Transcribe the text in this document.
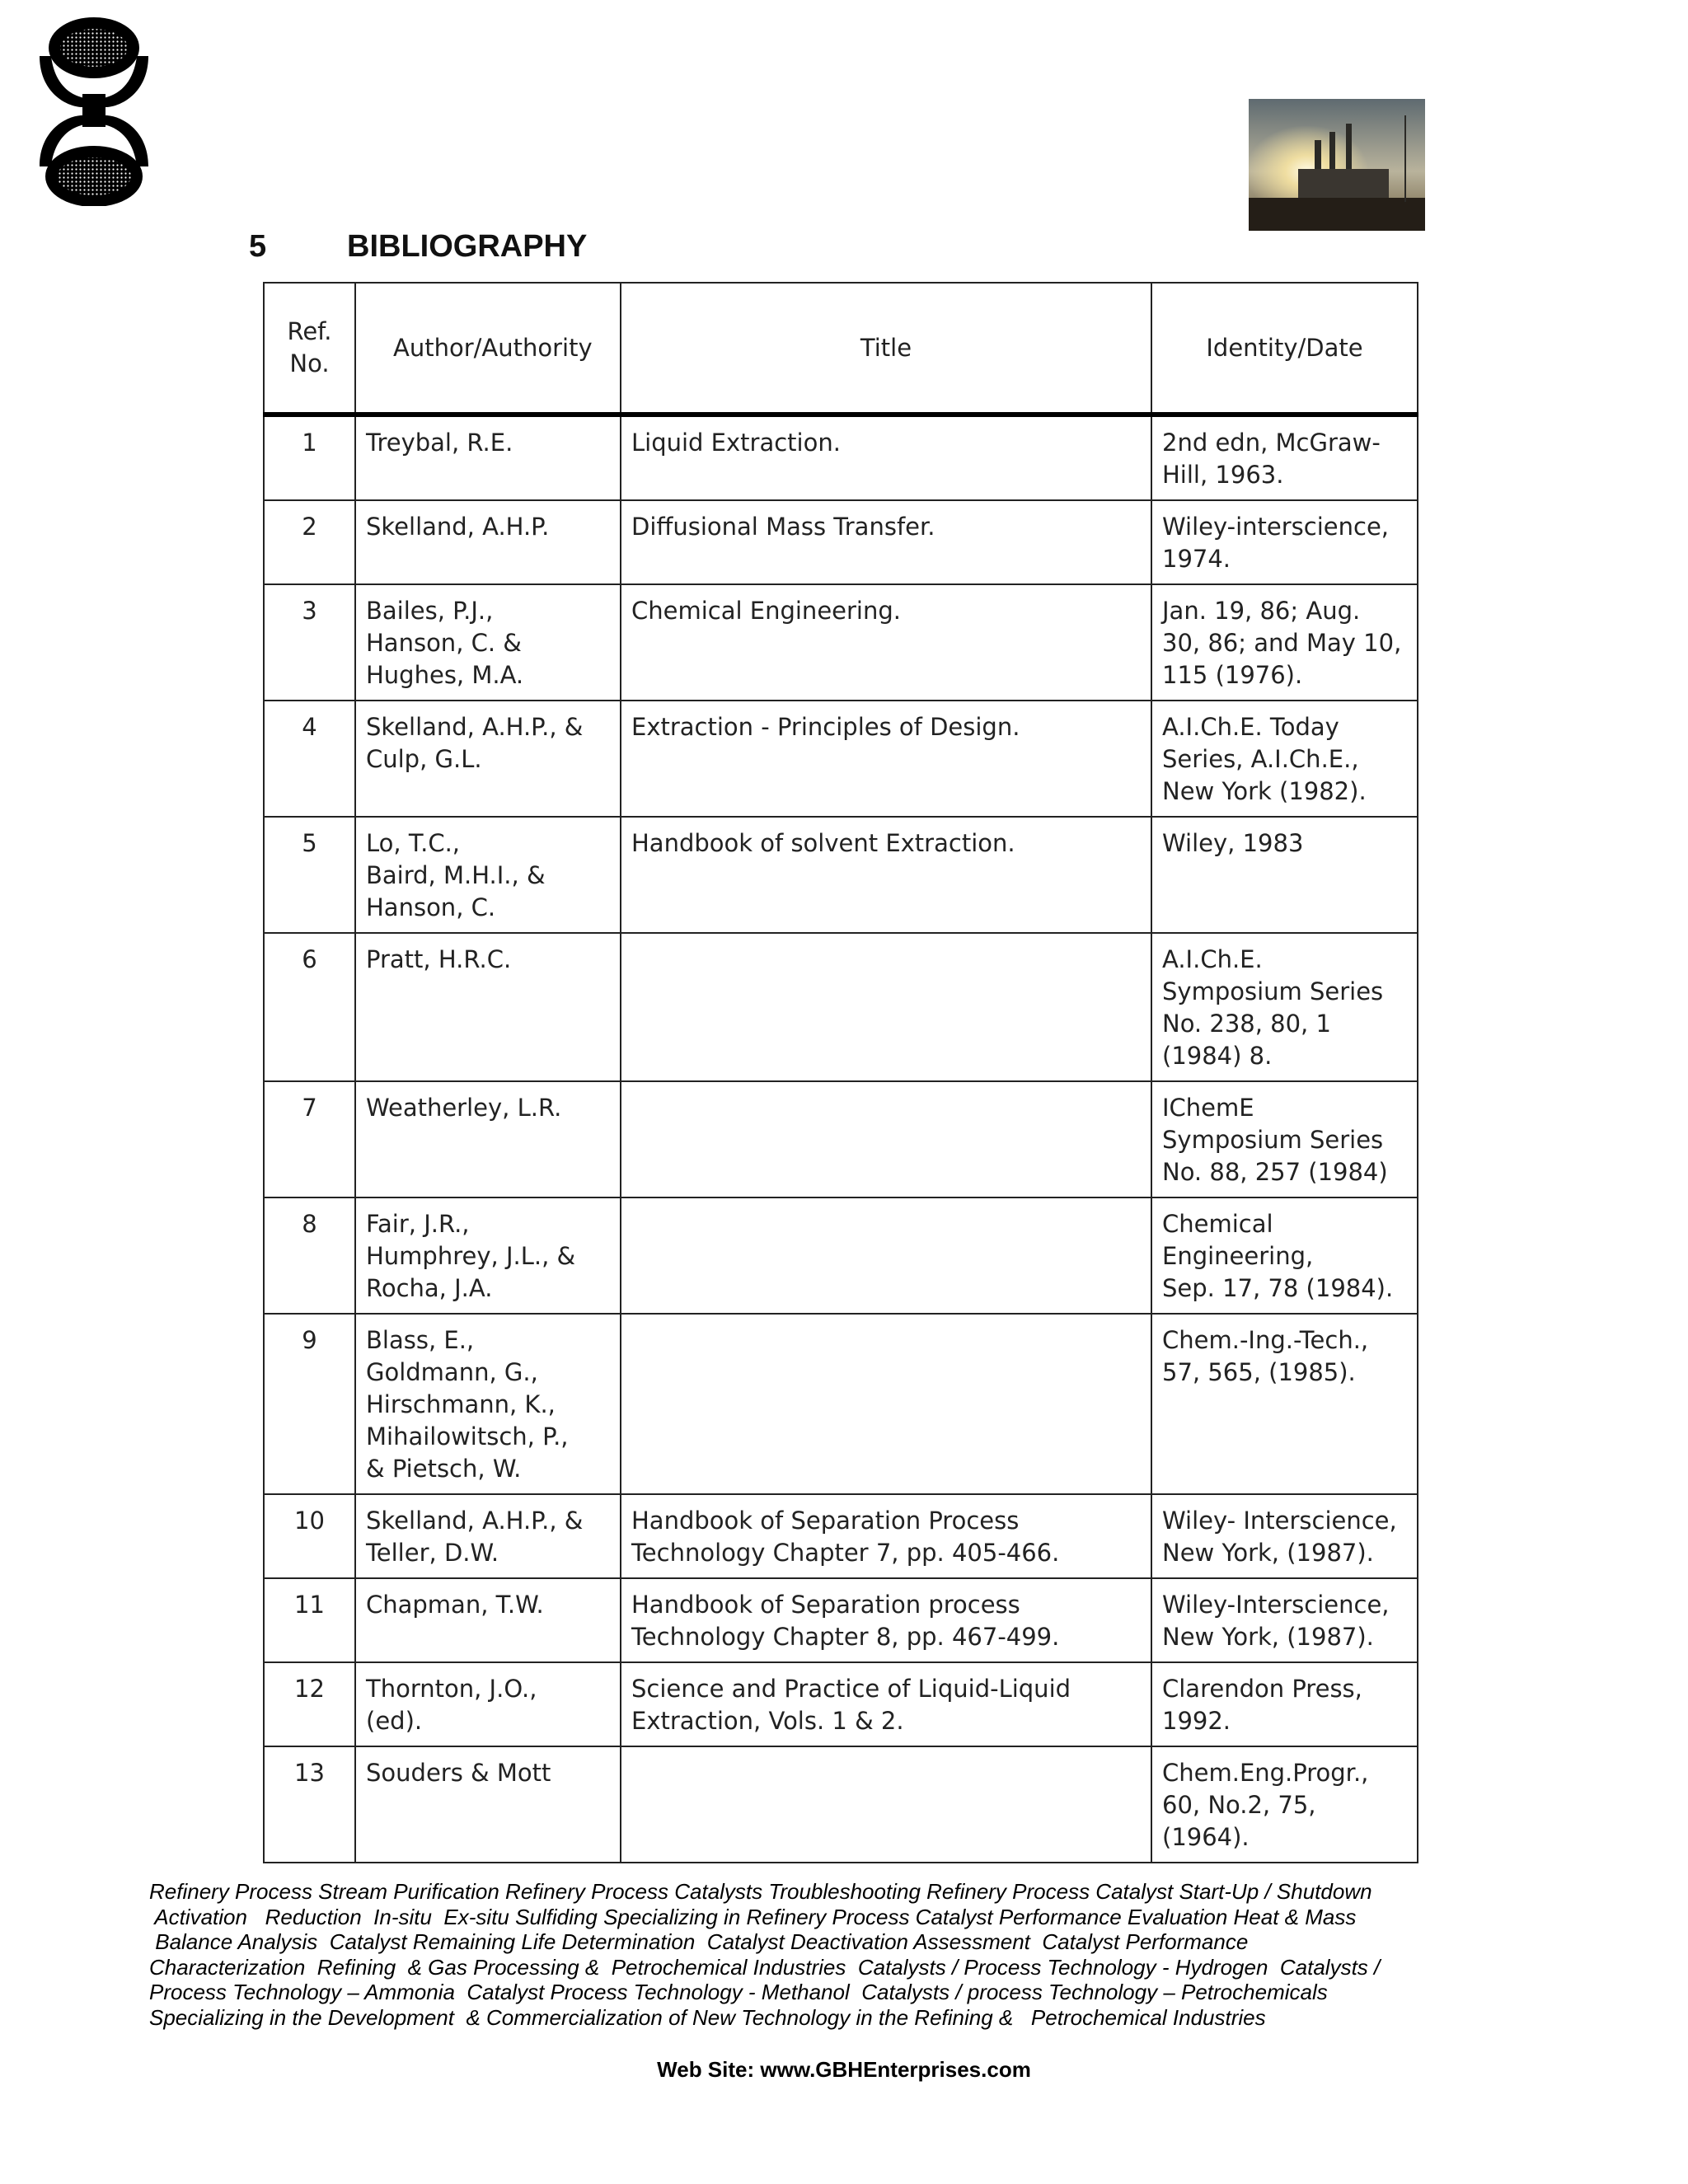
5	BIBLIOGRAPHY
Ref. No.	Author/Authority	Title	Identity/Date
1	Treybal, R.E.	Liquid Extraction.	2nd edn, McGraw-
Hill, 1963.

2	Skelland, A.H.P.	Diffusional Mass Transfer.	Wiley-interscience,
1974.

3	Bailes, P.J.,
Hanson, C. &
Hughes, M.A.	Chemical Engineering.	Jan. 19, 86; Aug.
30, 86; and May 10,
115 (1976).

4	Skelland, A.H.P., &
Culp, G.L.	Extraction - Principles of Design.	A.I.Ch.E. Today
Series, A.I.Ch.E.,
New York (1982).

5	Lo, T.C.,
Baird, M.H.I., &
Hanson, C.	Handbook of solvent Extraction.	Wiley, 1983

6	Pratt, H.R.C.		A.I.Ch.E.
Symposium Series
No. 238, 80, 1
(1984) 8.

7	Weatherley, L.R.		IChemE
Symposium Series
No. 88, 257 (1984)

8	Fair, J.R.,
Humphrey, J.L., &
Rocha, J.A.		Chemical
Engineering,
Sep. 17, 78 (1984).

9	Blass, E.,
Goldmann, G.,
Hirschmann, K.,
Mihailowitsch, P.,
& Pietsch, W.		Chem.-Ing.-Tech.,
57, 565, (1985).

10	Skelland, A.H.P., &
Teller, D.W.	Handbook of Separation Process
Technology Chapter 7, pp. 405-466.	Wiley- Interscience,
New York, (1987).

11	Chapman, T.W.	Handbook of Separation process
Technology Chapter 8, pp. 467-499.	Wiley-Interscience,
New York, (1987).

12	Thornton, J.O.,
(ed).	Science and Practice of Liquid-Liquid
Extraction, Vols. 1 & 2.	Clarendon Press,
1992.

13	Souders & Mott		Chem.Eng.Progr.,
60, No.2, 75,
(1964).
Refinery Process Stream Purification Refinery Process Catalysts Troubleshooting Refinery Process Catalyst Start-Up / Shutdown
Activation   Reduction  In-situ  Ex-situ Sulfiding Specializing in Refinery Process Catalyst Performance Evaluation Heat & Mass
Balance Analysis  Catalyst Remaining Life Determination  Catalyst Deactivation Assessment  Catalyst Performance
Characterization  Refining  & Gas Processing &  Petrochemical Industries  Catalysts / Process Technology - Hydrogen  Catalysts /
Process Technology – Ammonia  Catalyst Process Technology - Methanol  Catalysts / process Technology – Petrochemicals
Specializing in the Development  & Commercialization of New Technology in the Refining &   Petrochemical Industries
Web Site: www.GBHEnterprises.com
